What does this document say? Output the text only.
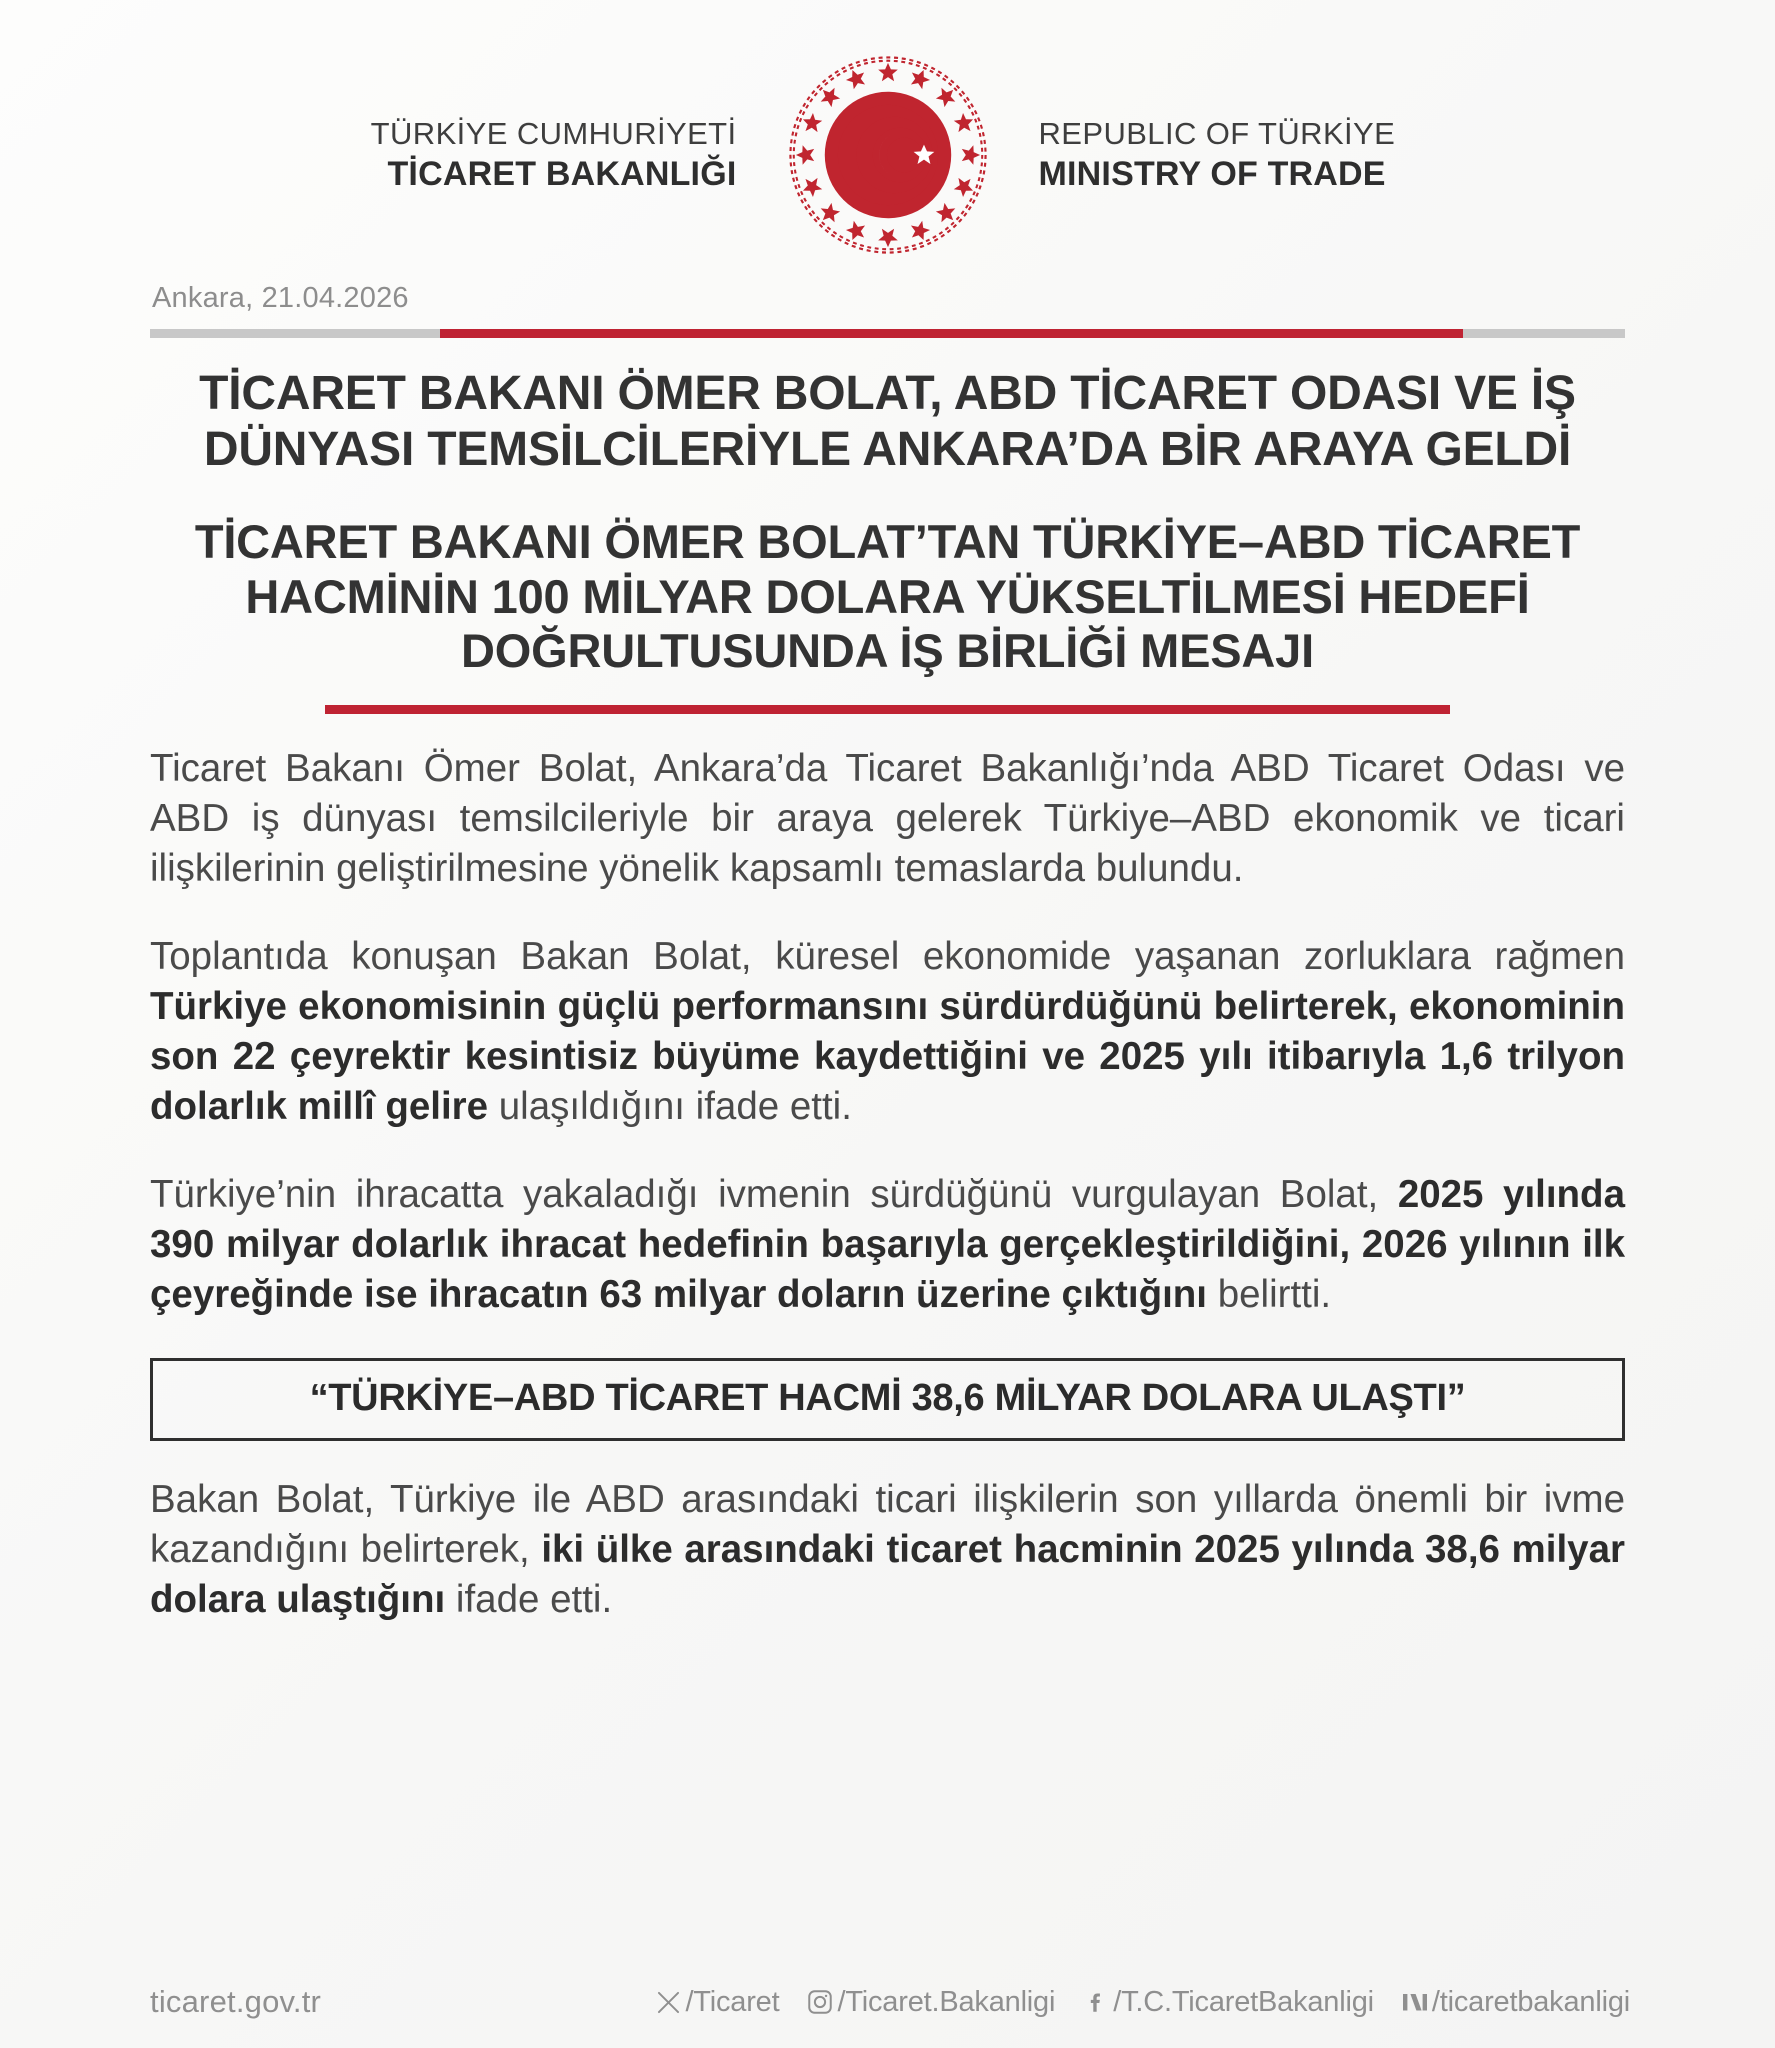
TÜRKİYE CUMHURİYETİ
TİCARET BAKANLIĞI
REPUBLIC OF TÜRKİYE
MINISTRY OF TRADE
Ankara, 21.04.2026
TİCARET BAKANI ÖMER BOLAT, ABD TİCARET ODASI VE İŞ DÜNYASI TEMSİLCİLERİYLE ANKARA’DA BİR ARAYA GELDİ
TİCARET BAKANI ÖMER BOLAT’TAN TÜRKİYE–ABD TİCARET HACMİNİN 100 MİLYAR DOLARA YÜKSELTİLMESİ HEDEFİ DOĞRULTUSUNDA İŞ BİRLİĞİ MESAJI

Ticaret Bakanı Ömer Bolat, Ankara’da Ticaret Bakanlığı’nda ABD Ticaret Odası ve ABD iş dünyası temsilcileriyle bir araya gelerek Türkiye–ABD ekonomik ve ticari ilişkilerinin geliştirilmesine yönelik kapsamlı temaslarda bulundu.

Toplantıda konuşan Bakan Bolat, küresel ekonomide yaşanan zorluklara rağmen Türkiye ekonomisinin güçlü performansını sürdürdüğünü belirterek, ekonominin son 22 çeyrektir kesintisiz büyüme kaydettiğini ve 2025 yılı itibarıyla 1,6 trilyon dolarlık millî gelire ulaşıldığını ifade etti.

Türkiye’nin ihracatta yakaladığı ivmenin sürdüğünü vurgulayan Bolat, 2025 yılında 390 milyar dolarlık ihracat hedefinin başarıyla gerçekleştirildiğini, 2026 yılının ilk çeyreğinde ise ihracatın 63 milyar doların üzerine çıktığını belirtti.

“TÜRKİYE–ABD TİCARET HACMİ 38,6 MİLYAR DOLARA ULAŞTI”

Bakan Bolat, Türkiye ile ABD arasındaki ticari ilişkilerin son yıllarda önemli bir ivme kazandığını belirterek, iki ülke arasındaki ticaret hacminin 2025 yılında 38,6 milyar dolara ulaştığını ifade etti.

ticaret.gov.tr	/Ticaret /Ticaret.Bakanligi /T.C.TicaretBakanligi /ticaretbakanligi
